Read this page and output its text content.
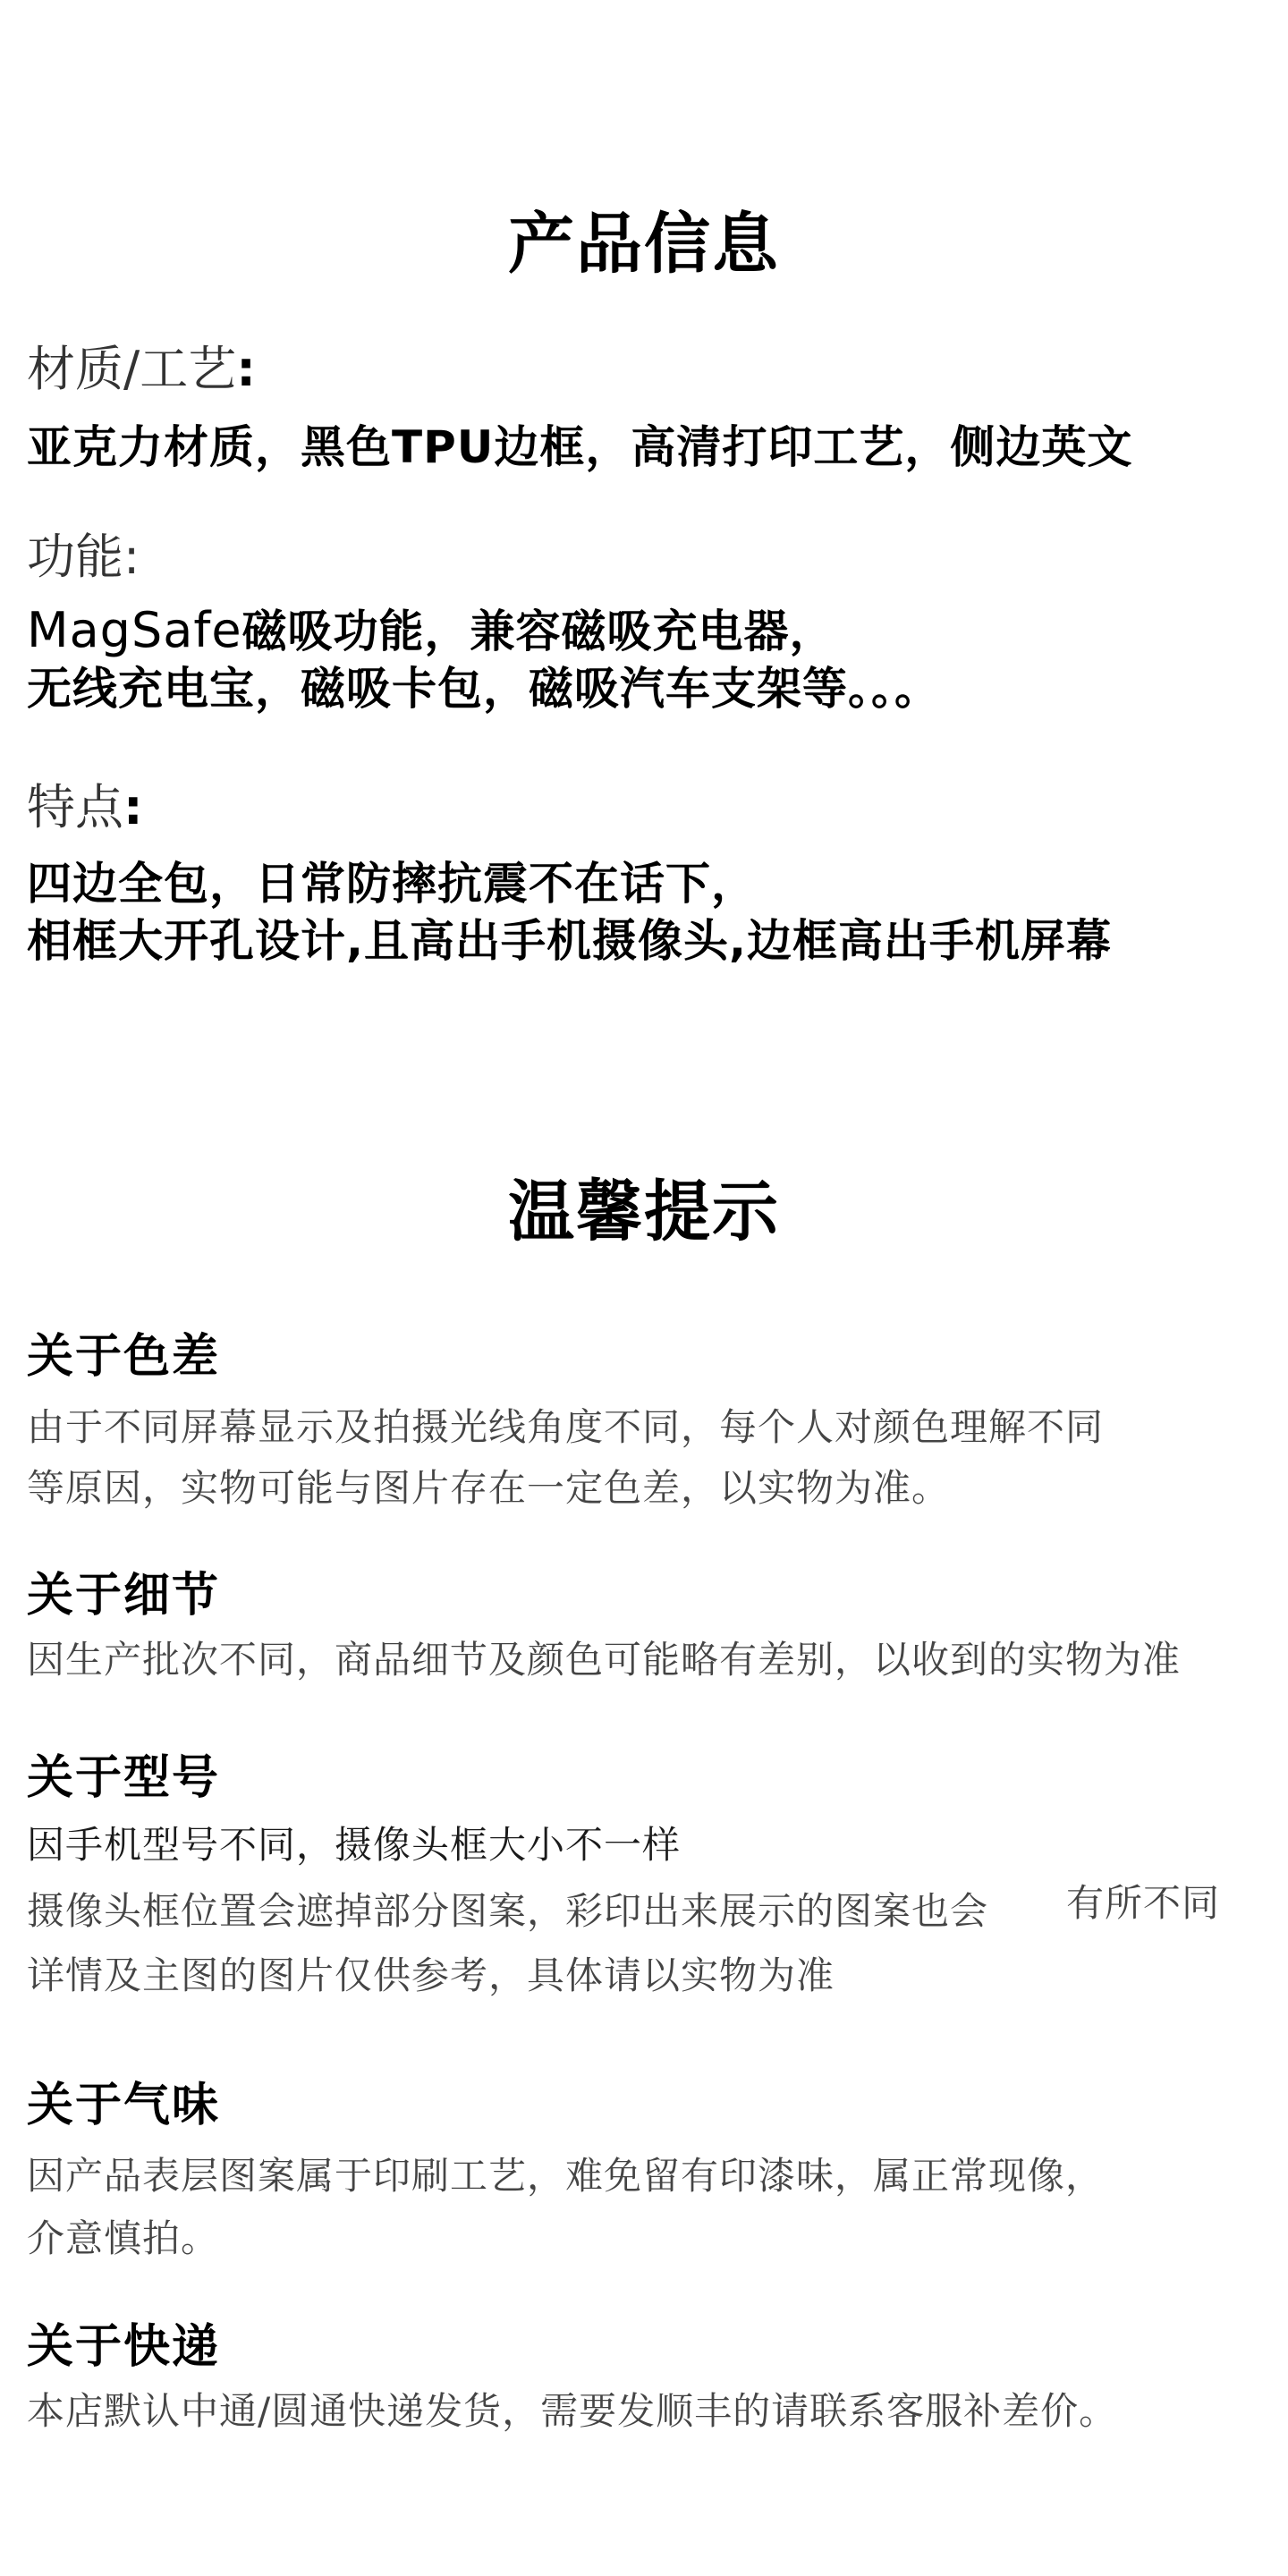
产品信息
材质/工艺:
亚克力材质，黑色TPU边框，高清打印工艺，侧边英文
功能:
MagSafe磁吸功能，兼容磁吸充电器，
无线充电宝，磁吸卡包，磁吸汽车支架等。。。
特点:
四边全包，日常防摔抗震不在话下，
相框大开孔设计,且高出手机摄像头,边框高出手机屏幕
温馨提示
关于色差
由于不同屏幕显示及拍摄光线角度不同，每个人对颜色理解不同
等原因，实物可能与图片存在一定色差，以实物为准。
关于细节
因生产批次不同，商品细节及颜色可能略有差别，以收到的实物为准
关于型号
因手机型号不同，摄像头框大小不一样
摄像头框位置会遮掉部分图案，彩印出来展示的图案也会 有所不同
详情及主图的图片仅供参考，具体请以实物为准
关于气味
因产品表层图案属于印刷工艺，难免留有印漆味，属正常现像，
介意慎拍。
关于快递
本店默认中通/圆通快递发货，需要发顺丰的请联系客服补差价。
